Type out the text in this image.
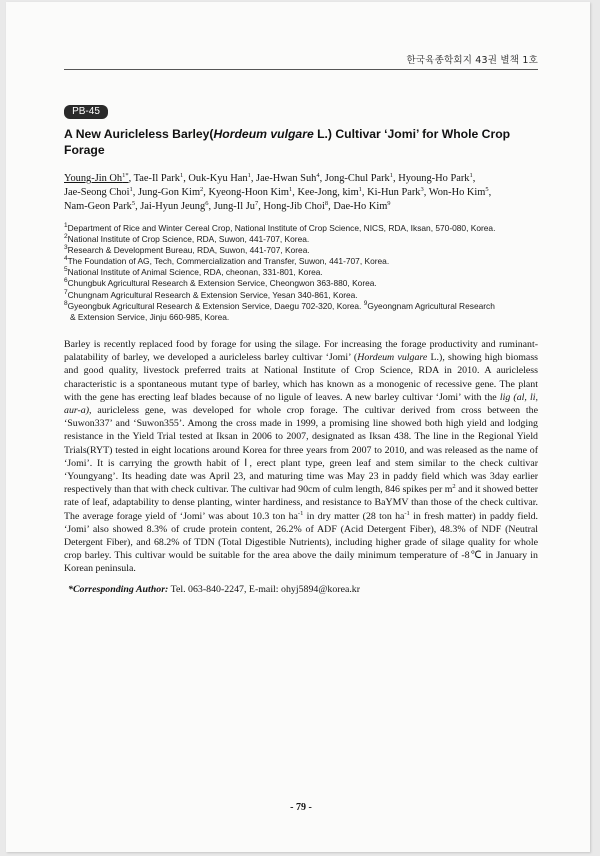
한국육종학회지 43권 별책 1호
PB-45
A New Auricleless Barley(Hordeum vulgare L.) Cultivar ‘Jomi’ for Whole Crop Forage
Young-Jin $Oh^{1*}$, Tae-Il Park$^1$, Ouk-Kyu Han$^1$, Jae-Hwan Suh$^4$, Jong-Chul Park$^1$, Hyoung-Ho Park$^1$, Jae-Seong Choi$^1$, Jung-Gon Kim$^2$, Kyeong-Hoon Kim$^1$, Kee-Jong, kim$^1$, Ki-Hun Park$^3$, Won-Ho Kim$^5$, Nam-Geon Park$^5$, Jai-Hyun Jeung$^6$, Jung-Il Ju$^7$, Hong-Jib Choi$^8$, Dae-Ho Kim$^9$
$^1$Department of Rice and Winter Cereal Crop, National Institute of Crop Science, NICS, RDA, Iksan, 570-080, Korea.
$^2$National Institute of Crop Science, RDA, Suwon, 441-707, Korea.
$^3$Research & Development Bureau, RDA, Suwon, 441-707, Korea.
$^4$The Foundation of AG, Tech, Commercialization and Transfer, Suwon, 441-707, Korea.
$^5$National Institute of Animal Science, RDA, cheonan, 331-801, Korea.
$^6$Chungbuk Agricultural Research & Extension Service, Cheongwon 363-880, Korea.
$^7$Chungnam Agricultural Research & Extension Service, Yesan 340-861, Korea.
$^8$Gyeongbuk Agricultural Research & Extension Service, Daegu 702-320, Korea. $^9$Gyeongnam Agricultural Research
& Extension Service, Jinju 660-985, Korea.

Barley is recently replaced food by forage for using the silage. For increasing the forage productivity and ruminant-palatability of barley, we developed a auricleless barley cultivar ‘Jomi’ (Hordeum vulgare L.), showing high biomass and good quality, livestock preferred traits at National Institute of Crop Science, RDA in 2010. A auricleless characteristic is a spontaneous mutant type of barley, which has known as a monogenic of recessive gene. The plant with the gene has erecting leaf blades because of no ligule of leaves. A new barley cultivar ‘Jomi’ with the lig (al, li, aur-a), auricleless gene, was developed for whole crop forage. The cultivar derived from cross between the ‘Suwon337’ and ‘Suwon355’. Among the cross made in 1999, a promising line showed both high yield and lodging resistance in the Yield Trial tested at Iksan in 2006 to 2007, designated as Iksan 438. The line in the Regional Yield Trials(RYT) tested in eight locations around Korea for three years from 2007 to 2010, and was released as the name of ‘Jomi’. It is carrying the growth habit of Ⅰ, erect plant type, green leaf and stem similar to the check cultivar ‘Youngyang’. Its heading date was April 23, and maturing time was May 23 in paddy field which was 3day earlier respectively than that with check cultivar. The cultivar had 90cm of culm length, 846 spikes per $m^2$ and it showed better rate of leaf, adaptability to dense planting, winter hardiness, and resistance to BaYMV than those of the check cultivar. The average forage yield of ‘Jomi’ was about 10.3 ton $ha^{-1}$ in dry matter (28 ton $ha^{-1}$ in fresh matter) in paddy field. ‘Jomi’ also showed 8.3% of crude protein content, 26.2% of ADF (Acid Detergent Fiber), 48.3% of NDF (Neutral Detergent Fiber), and 68.2% of TDN (Total Digestible Nutrients), including higher grade of silage quality for whole crop barley. This cultivar would be suitable for the area above the daily minimum temperature of -8℃ in January in Korean peninsula.

*Corresponding Author: Tel. 063-840-2247, E-mail: ohyj5894@korea.kr
- 79 -
